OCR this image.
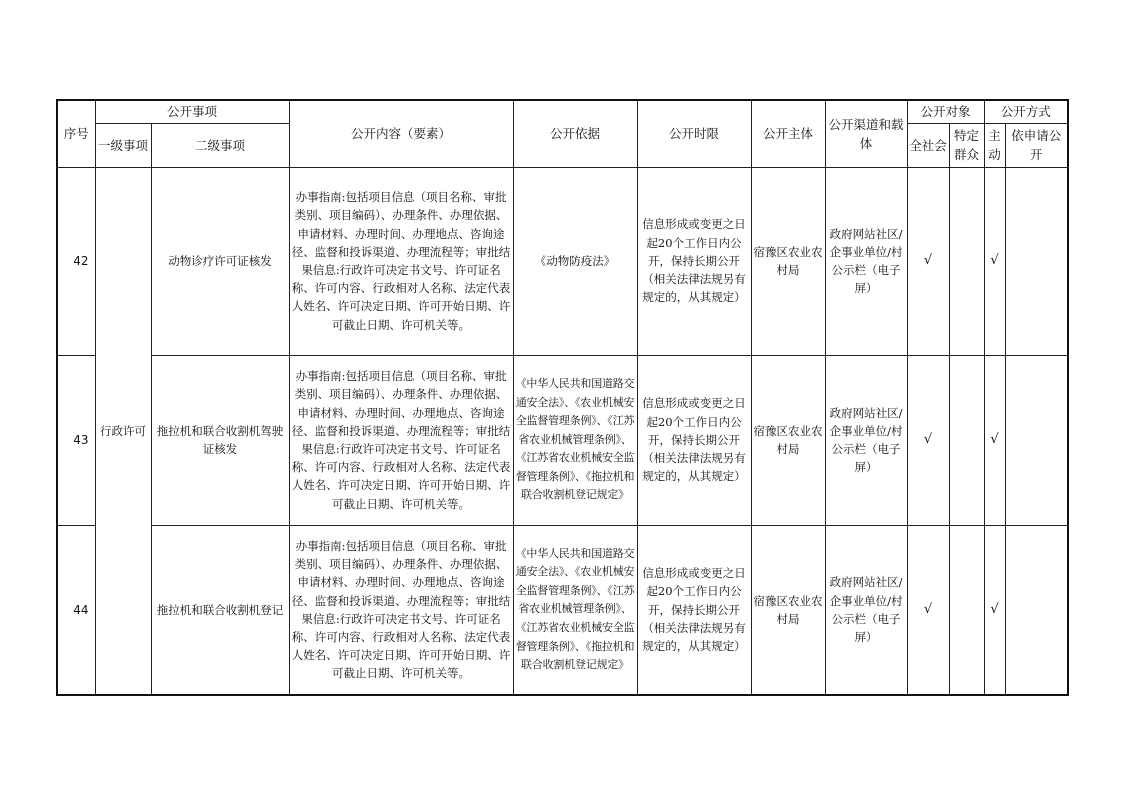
序号	公开事项		公开内容（要素）	公开依据	公开时限	公开主体	公开渠道和载体	公开对象		公开方式	
	一级事项	二级事项						全社会	特定群众	主动	依申请公开
42	行政许可	动物诊疗许可证核发	办事指南:包括项目信息（项目名称、审批类别、项目编码）、办理条件、办理依据、申请材料、办理时间、办理地点、咨询途径、监督和投诉渠道、办理流程等；审批结果信息:行政许可决定书文号、许可证名称、许可内容、行政相对人名称、法定代表人姓名、许可决定日期、许可开始日期、许可截止日期、许可机关等。	《动物防疫法》	信息形成或变更之日起20个工作日内公开，保持长期公开（相关法律法规另有规定的，从其规定）	宿豫区农业农村局	政府网站社区/企事业单位/村公示栏（电子屏）	√		√	
43		拖拉机和联合收割机驾驶证核发	办事指南:包括项目信息（项目名称、审批类别、项目编码）、办理条件、办理依据、申请材料、办理时间、办理地点、咨询途径、监督和投诉渠道、办理流程等；审批结果信息:行政许可决定书文号、许可证名称、许可内容、行政相对人名称、法定代表人姓名、许可决定日期、许可开始日期、许可截止日期、许可机关等。	《中华人民共和国道路交通安全法》、《农业机械安全监督管理条例》、《江苏省农业机械管理条例》、《江苏省农业机械安全监督管理条例》、《拖拉机和联合收割机登记规定》	信息形成或变更之日起20个工作日内公开，保持长期公开（相关法律法规另有规定的，从其规定）	宿豫区农业农村局	政府网站社区/企事业单位/村公示栏（电子屏）	√		√	
44		拖拉机和联合收割机登记	办事指南:包括项目信息（项目名称、审批类别、项目编码）、办理条件、办理依据、申请材料、办理时间、办理地点、咨询途径、监督和投诉渠道、办理流程等；审批结果信息:行政许可决定书文号、许可证名称、许可内容、行政相对人名称、法定代表人姓名、许可决定日期、许可开始日期、许可截止日期、许可机关等。	《中华人民共和国道路交通安全法》、《农业机械安全监督管理条例》、《江苏省农业机械管理条例》、《江苏省农业机械安全监督管理条例》、《拖拉机和联合收割机登记规定》	信息形成或变更之日起20个工作日内公开，保持长期公开（相关法律法规另有规定的，从其规定）	宿豫区农业农村局	政府网站社区/企事业单位/村公示栏（电子屏）	√		√	
